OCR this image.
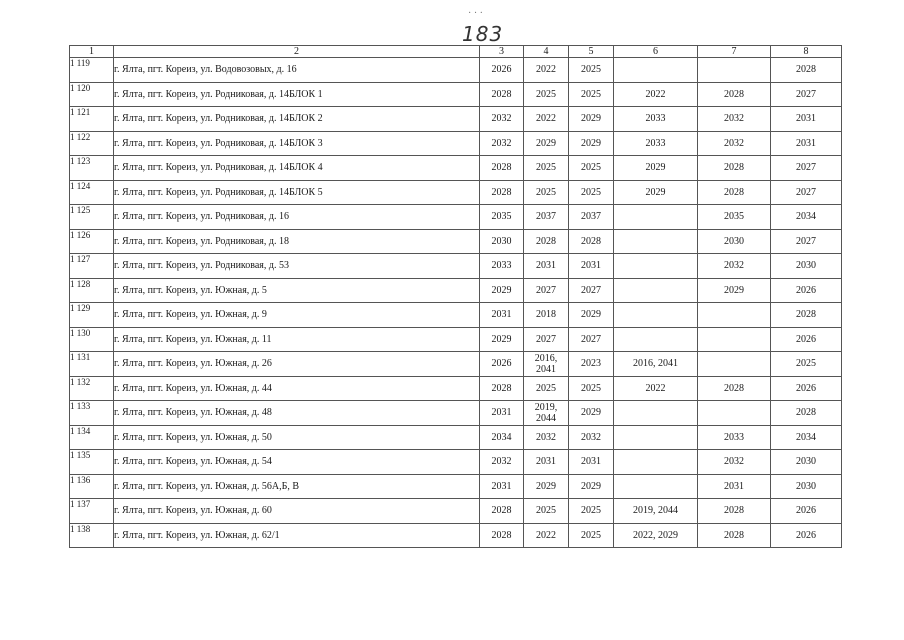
· · ·
183
1	2	3	4	5	6	7	8
1 119	г. Ялта, пгт. Кореиз, ул. Водовозовых, д. 16	2026	2022	2025			2028
1 120	г. Ялта, пгт. Кореиз, ул. Родниковая, д. 14БЛОК 1	2028	2025	2025	2022	2028	2027
1 121	г. Ялта, пгт. Кореиз, ул. Родниковая, д. 14БЛОК 2	2032	2022	2029	2033	2032	2031
1 122	г. Ялта, пгт. Кореиз, ул. Родниковая, д. 14БЛОК 3	2032	2029	2029	2033	2032	2031
1 123	г. Ялта, пгт. Кореиз, ул. Родниковая, д. 14БЛОК 4	2028	2025	2025	2029	2028	2027
1 124	г. Ялта, пгт. Кореиз, ул. Родниковая, д. 14БЛОК 5	2028	2025	2025	2029	2028	2027
1 125	г. Ялта, пгт. Кореиз, ул. Родниковая, д. 16	2035	2037	2037		2035	2034
1 126	г. Ялта, пгт. Кореиз, ул. Родниковая, д. 18	2030	2028	2028		2030	2027
1 127	г. Ялта, пгт. Кореиз, ул. Родниковая, д. 53	2033	2031	2031		2032	2030
1 128	г. Ялта, пгт. Кореиз, ул. Южная, д. 5	2029	2027	2027		2029	2026
1 129	г. Ялта, пгт. Кореиз, ул. Южная, д. 9	2031	2018	2029			2028
1 130	г. Ялта, пгт. Кореиз, ул. Южная, д. 11	2029	2027	2027			2026
1 131	г. Ялта, пгт. Кореиз, ул. Южная, д. 26	2026	2016,
2041	2023	2016, 2041		2025
1 132	г. Ялта, пгт. Кореиз, ул. Южная, д. 44	2028	2025	2025	2022	2028	2026
1 133	г. Ялта, пгт. Кореиз, ул. Южная, д. 48	2031	2019,
2044	2029			2028
1 134	г. Ялта, пгт. Кореиз, ул. Южная, д. 50	2034	2032	2032		2033	2034
1 135	г. Ялта, пгт. Кореиз, ул. Южная, д. 54	2032	2031	2031		2032	2030
1 136	г. Ялта, пгт. Кореиз, ул. Южная, д. 56А,Б, В	2031	2029	2029		2031	2030
1 137	г. Ялта, пгт. Кореиз, ул. Южная, д. 60	2028	2025	2025	2019, 2044	2028	2026
1 138	г. Ялта, пгт. Кореиз, ул. Южная, д. 62/1	2028	2022	2025	2022, 2029	2028	2026
